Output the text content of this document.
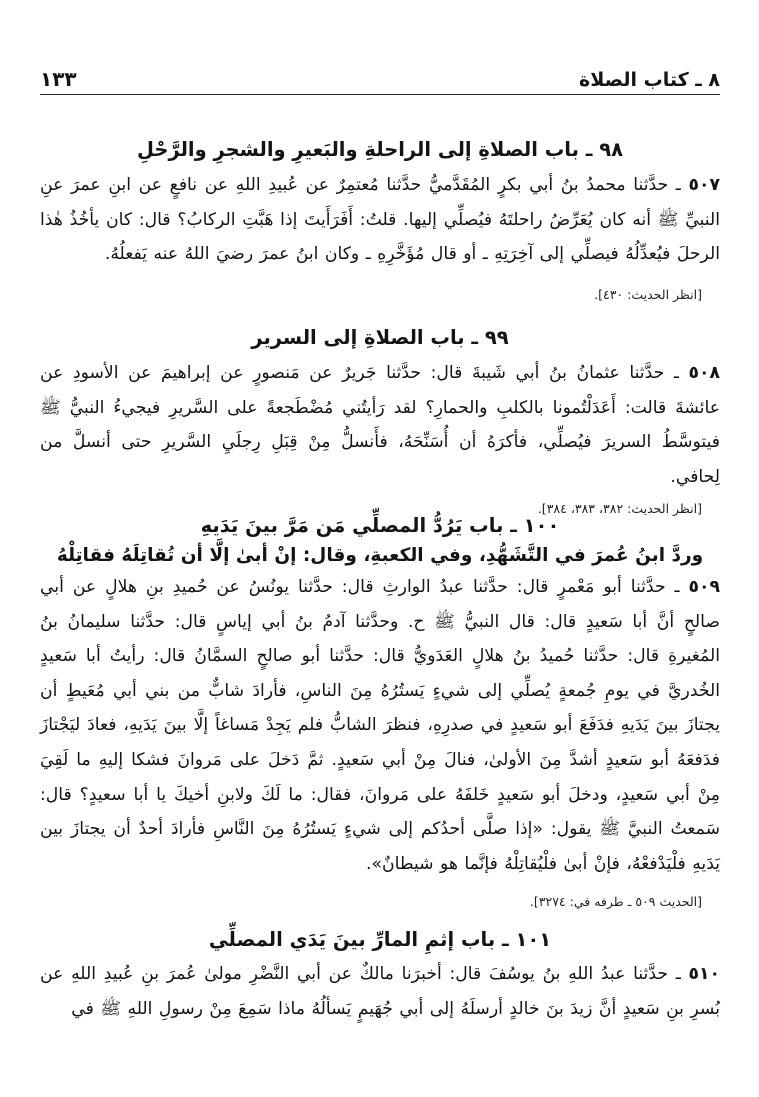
٨ ـ كتاب الصلاة
١٣٣
٩٨ ـ باب الصلاةِ إلى الراحلةِ والبَعيرِ والشجرِ والرَّحْلِ

٥٠٧ ـ حدَّثنا محمدُ بنُ أبي بكرٍ المُقَدَّميُّ حدَّثنا مُعتمِرٌ عن عُبيدِ اللهِ عن نافعٍ عن ابنِ عمرَ عنِ النبيِّ ﷺ أنه كان يُعَرِّضُ راحلتَهُ فيُصلِّي إليها. قلتُ: أَفَرَأَيتَ إذا هَبَّتِ الركابُ؟ قال: كان يأخُذُ هٰذا الرحلَ فيُعدِّلُهُ فيصلِّي إلى آخِرَتِهِ ـ أو قال مُؤَخَّرِهِ ـ وكان ابنُ عمرَ رضيَ اللهُ عنه يَفعلُهُ.

[انظر الحديث: ٤٣٠].

٩٩ ـ باب الصلاةِ إلى السرير

٥٠٨ ـ حدَّثنا عثمانُ بنُ أبي شَيبةَ قال: حدَّثنا جَريرٌ عن مَنصورٍ عن إبراهيمَ عن الأسودِ عن عائشةَ قالت: أَعَدَلْتُمونا بالكلبِ والحمارِ؟ لقد رَأيتُني مُضْطَجعةً على السَّريرِ فيجيءُ النبيُّ ﷺ فيتوسَّطُ السريرَ فيُصلِّي، فأكرَهُ أن أُسَنِّحَهُ، فأَنسلُّ مِنْ قِبَلِ رِجلَيِ السَّريرِ حتى أنسلَّ من لِحافي.

[انظر الحديث: ٣٨٢، ٣٨٣، ٣٨٤].

١٠٠ ـ باب يَرُدُّ المصلِّي مَن مَرَّ بينَ يَدَيهِ
وردَّ ابنُ عُمرَ في التَّشَهُّدِ، وفي الكعبةِ، وقال: إنْ أبىٰ إلَّا أن تُقاتِلَهُ فقاتِلْهُ

٥٠٩ ـ حدَّثنا أبو مَعْمرٍ قال: حدَّثنا عبدُ الوارثِ قال: حدَّثنا يونُسُ عن حُميدِ بنِ هلالٍ عن أبي صالحٍ أنَّ أبا سَعيدٍ قال: قال النبيُّ ﷺ ح. وحدَّثنا آدمُ بنُ أبي إياسٍ قال: حدَّثنا سليمانُ بنُ المُغيرةِ قال: حدَّثنا حُميدُ بنُ هلالٍ العَدَويُّ قال: حدَّثنا أبو صالحٍ السمَّانُ قال: رأيتُ أبا سَعيدٍ الخُدريَّ في يومِ جُمعةٍ يُصلِّي إلى شيءٍ يَستُرُهُ مِنَ الناسِ، فأرادَ شابٌّ من بني أبي مُعَيطٍ أن يجتازَ بينَ يَدَيهِ فدَفَعَ أبو سَعيدٍ في صدرِهِ، فنظرَ الشابُّ فلم يَجِدْ مَساغاً إلَّا بينَ يَدَيهِ، فعادَ ليَجْتازَ فدَفعَهُ أبو سَعيدٍ أشدَّ مِنَ الأولىٰ، فنالَ مِنْ أبي سَعيدٍ. ثمَّ دَخلَ على مَروانَ فشكا إليهِ ما لَقِيَ مِنْ أبي سَعيدٍ، ودخلَ أبو سَعيدٍ خَلفَهُ على مَروانَ، فقال: ما لَكَ ولابنِ أخيكَ يا أبا سعيدٍ؟ قال: سَمعتُ النبيَّ ﷺ يقول: «إذا صلَّى أحدُكم إلى شيءٍ يَستُرُهُ مِنَ النَّاسِ فأرادَ أحدٌ أن يجتازَ بين يَدَيهِ فلْيَدْفعْهُ، فإنْ أبىٰ فلْيُقاتِلْهُ فإنَّما هو شيطانٌ».

[الحديث ٥٠٩ ـ طرفه في: ٣٢٧٤].

١٠١ ـ باب إثمِ المارِّ بينَ يَدَي المصلِّي

٥١٠ ـ حدَّثنا عبدُ اللهِ بنُ يوسُفَ قال: أخبرَنا مالكٌ عن أبي النَّضْرِ مولىٰ عُمرَ بنِ عُبيدِ اللهِ عن بُسرِ بنِ سَعيدٍ أنَّ زيدَ بنَ خالدٍ أرسلَهُ إلى أبي جُهَيمٍ يَسألُهُ ماذا سَمِعَ مِنْ رسولِ اللهِ ﷺ في
